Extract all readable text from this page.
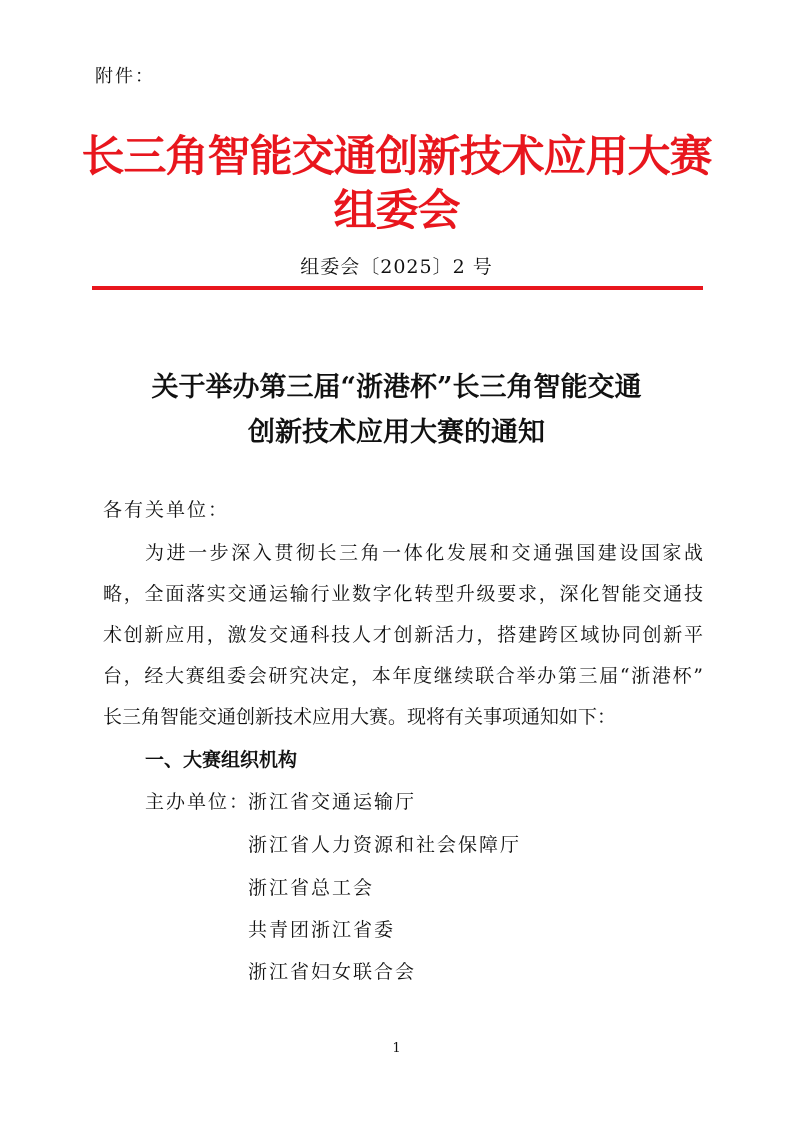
附件：
长三角智能交通创新技术应用大赛
组委会
组委会〔2025〕2 号
关于举办第三届“浙港杯”长三角智能交通
创新技术应用大赛的通知
各有关单位：
为进一步深入贯彻长三角一体化发展和交通强国建设国家战
略，全面落实交通运输行业数字化转型升级要求，深化智能交通技
术创新应用，激发交通科技人才创新活力，搭建跨区域协同创新平
台，经大赛组委会研究决定，本年度继续联合举办第三届“浙港杯”
长三角智能交通创新技术应用大赛。现将有关事项通知如下：
一、大赛组织机构
主办单位：
浙江省交通运输厅
浙江省人力资源和社会保障厅
浙江省总工会
共青团浙江省委
浙江省妇女联合会
1
